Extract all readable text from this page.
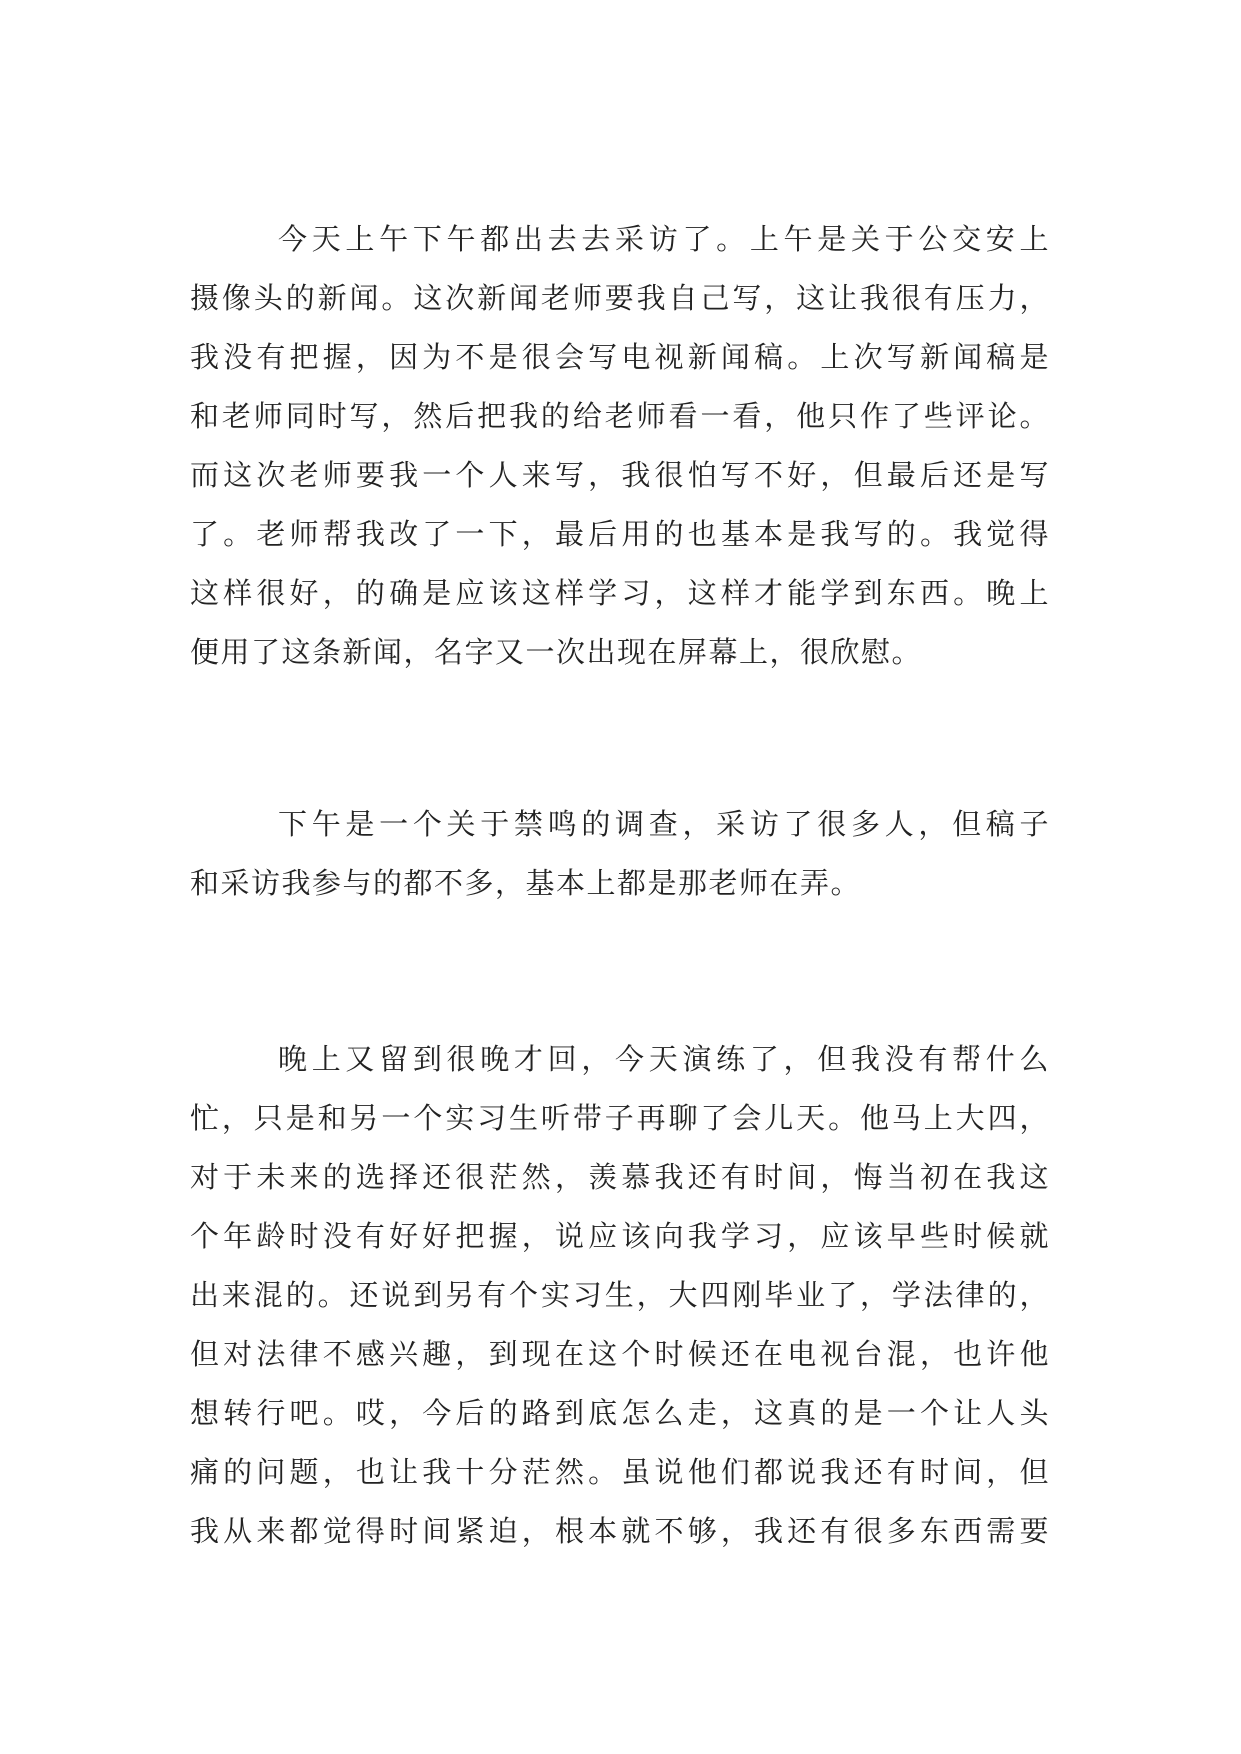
今天上午下午都出去去采访了。上午是关于公交安上
摄像头的新闻。这次新闻老师要我自己写，这让我很有压力，
我没有把握，因为不是很会写电视新闻稿。上次写新闻稿是
和老师同时写，然后把我的给老师看一看，他只作了些评论。
而这次老师要我一个人来写，我很怕写不好，但最后还是写
了。老师帮我改了一下，最后用的也基本是我写的。我觉得
这样很好，的确是应该这样学习，这样才能学到东西。晚上
便用了这条新闻，名字又一次出现在屏幕上，很欣慰。

下午是一个关于禁鸣的调查，采访了很多人，但稿子
和采访我参与的都不多，基本上都是那老师在弄。

晚上又留到很晚才回，今天演练了，但我没有帮什么
忙，只是和另一个实习生听带子再聊了会儿天。他马上大四，
对于未来的选择还很茫然，羡慕我还有时间，悔当初在我这
个年龄时没有好好把握，说应该向我学习，应该早些时候就
出来混的。还说到另有个实习生，大四刚毕业了，学法律的，
但对法律不感兴趣，到现在这个时候还在电视台混，也许他
想转行吧。哎，今后的路到底怎么走，这真的是一个让人头
痛的问题，也让我十分茫然。虽说他们都说我还有时间，但
我从来都觉得时间紧迫，根本就不够，我还有很多东西需要
